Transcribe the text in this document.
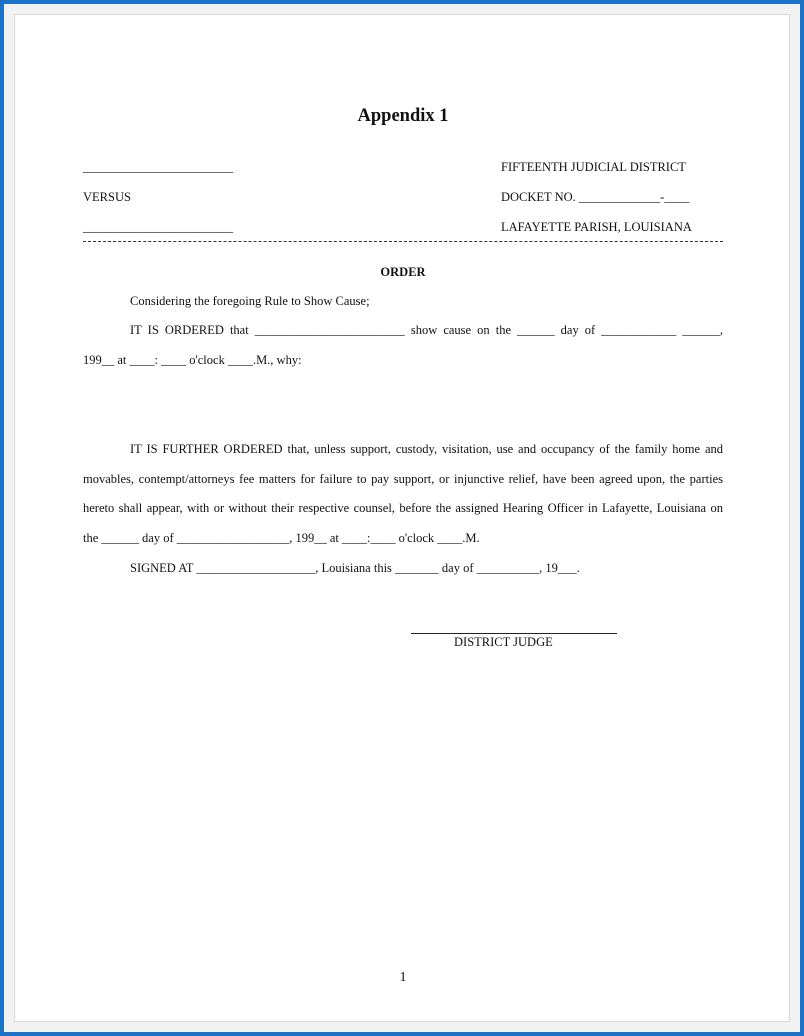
Appendix 1
________________________
VERSUS
________________________
FIFTEENTH JUDICIAL DISTRICT
DOCKET NO. _____________-____
LAFAYETTE PARISH, LOUISIANA
ORDER
Considering the foregoing Rule to Show Cause;
IT IS ORDERED that ________________________ show cause on the ______ day of ____________ ______,
199__ at ____: ____ o'clock ____.M., why:
IT IS FURTHER ORDERED that, unless support, custody, visitation, use and occupancy of the family home and
movables, contempt/attorneys fee matters for failure to pay support, or injunctive relief, have been agreed upon, the parties
hereto shall appear, with or without their respective counsel, before the assigned Hearing Officer in Lafayette, Louisiana on
the ______ day of __________________, 199__ at ____:____ o'clock ____.M.
SIGNED AT ___________________, Louisiana this _______ day of __________, 19___.
DISTRICT JUDGE
1
